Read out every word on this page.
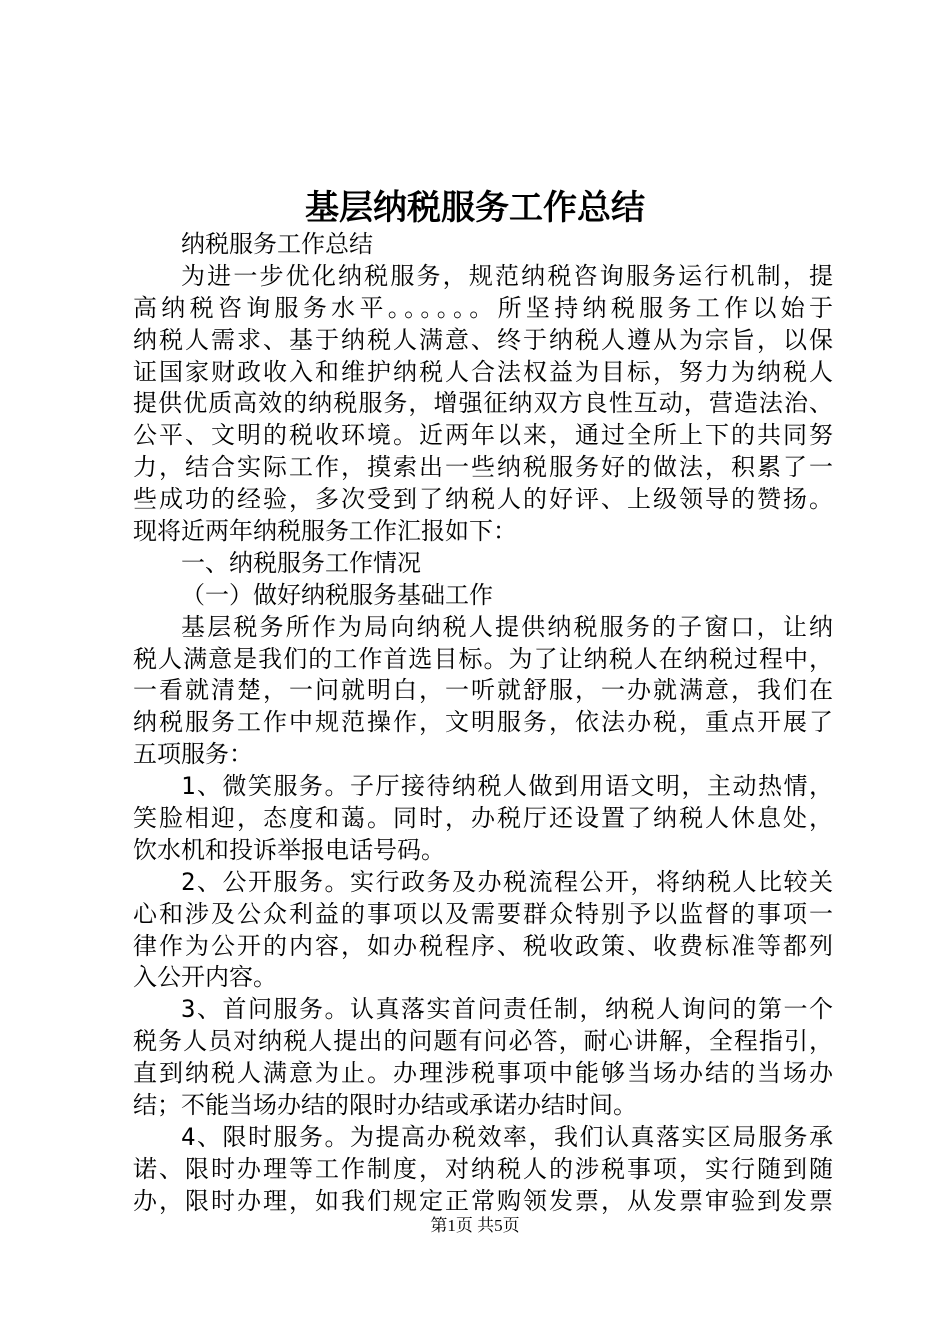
基层纳税服务工作总结
纳税服务工作总结
为进一步优化纳税服务，规范纳税咨询服务运行机制，提
高纳税咨询服务水平。。。。。。所坚持纳税服务工作以始于
纳税人需求、基于纳税人满意、终于纳税人遵从为宗旨，以保
证国家财政收入和维护纳税人合法权益为目标，努力为纳税人
提供优质高效的纳税服务，增强征纳双方良性互动，营造法治、
公平、文明的税收环境。近两年以来，通过全所上下的共同努
力，结合实际工作，摸索出一些纳税服务好的做法，积累了一
些成功的经验，多次受到了纳税人的好评、上级领导的赞扬。
现将近两年纳税服务工作汇报如下：
一、纳税服务工作情况
（一）做好纳税服务基础工作
基层税务所作为局向纳税人提供纳税服务的子窗口，让纳
税人满意是我们的工作首选目标。为了让纳税人在纳税过程中，
一看就清楚，一问就明白，一听就舒服，一办就满意，我们在
纳税服务工作中规范操作，文明服务，依法办税，重点开展了
五项服务：
1、微笑服务。子厅接待纳税人做到用语文明，主动热情，
笑脸相迎，态度和蔼。同时，办税厅还设置了纳税人休息处，
饮水机和投诉举报电话号码。
2、公开服务。实行政务及办税流程公开，将纳税人比较关
心和涉及公众利益的事项以及需要群众特别予以监督的事项一
律作为公开的内容，如办税程序、税收政策、收费标准等都列
入公开内容。
3、首问服务。认真落实首问责任制，纳税人询问的第一个
税务人员对纳税人提出的问题有问必答，耐心讲解，全程指引，
直到纳税人满意为止。办理涉税事项中能够当场办结的当场办
结；不能当场办结的限时办结或承诺办结时间。
4、限时服务。为提高办税效率，我们认真落实区局服务承
诺、限时办理等工作制度，对纳税人的涉税事项，实行随到随
办，限时办理，如我们规定正常购领发票，从发票审验到发票
第1页 共5页
